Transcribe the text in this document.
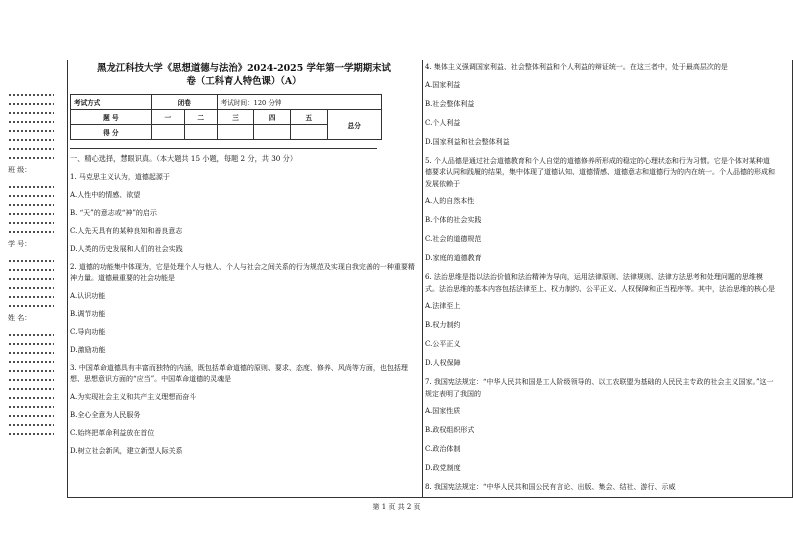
班 级：
学 号：
姓 名：
黑龙江科技大学《思想道德与法治》2024-2025 学年第一学期期末试
卷（工科育人特色课）（A）
考试方式	闭卷		考试时间：120 分钟			
题 号	一	二	三	四	五	总分
得 分						
一、精心选择，慧眼识真。（本大题共 15 小题，每题 2 分，共 30 分）
1. 马克思主义认为，道德起源于
A.人性中的情感、欲望
B. “天”的意志或“神”的启示
C.人先天具有的某种良知和善良意志
D.人类的历史发展和人们的社会实践
2. 道德的功能集中体现为，它是处理个人与他人、个人与社会之间关系的行为规范及实现自我完善的一种重要精神力量。道德最重要的社会功能是
A.认识功能
B.调节功能
C.导向功能
D.激励功能
3. 中国革命道德具有丰富而独特的内涵，既包括革命道德的原则、要求、态度、修养、风尚等方面，也包括理想、思想意识方面的“应当”。中国革命道德的灵魂是
A.为实现社会主义和共产主义理想而奋斗
B.全心全意为人民服务
C.始终把革命利益放在首位
D.树立社会新风，建立新型人际关系
4. 集体主义强调国家利益、社会整体利益和个人利益的辩证统一。在这三者中，处于最高层次的是
A.国家利益
B.社会整体利益
C.个人利益
D.国家利益和社会整体利益
5. 个人品德是通过社会道德教育和个人自觉的道德修养所形成的稳定的心理状态和行为习惯。它是个体对某种道德要求认同和践履的结果，集中体现了道德认知、道德情感、道德意志和道德行为的内在统一。个人品德的形成和发展依赖于
A.人的自然本性
B.个体的社会实践
C.社会的道德规范
D.家庭的道德教育
6. 法治思维是指以法治价值和法治精神为导向，运用法律原则、法律规则、法律方法思考和处理问题的思维模式。法治思维的基本内容包括法律至上、权力制约、公平正义、人权保障和正当程序等。其中，法治思维的核心是
A.法律至上
B.权力制约
C.公平正义
D.人权保障
7. 我国宪法规定：“中华人民共和国是工人阶级领导的、以工农联盟为基础的人民民主专政的社会主义国家。”这一规定表明了我国的
A.国家性质
B.政权组织形式
C.政治体制
D.政党制度
8. 我国宪法规定：“中华人民共和国公民有言论、出版、集会、结社、游行、示威
第 1 页 共 2 页
